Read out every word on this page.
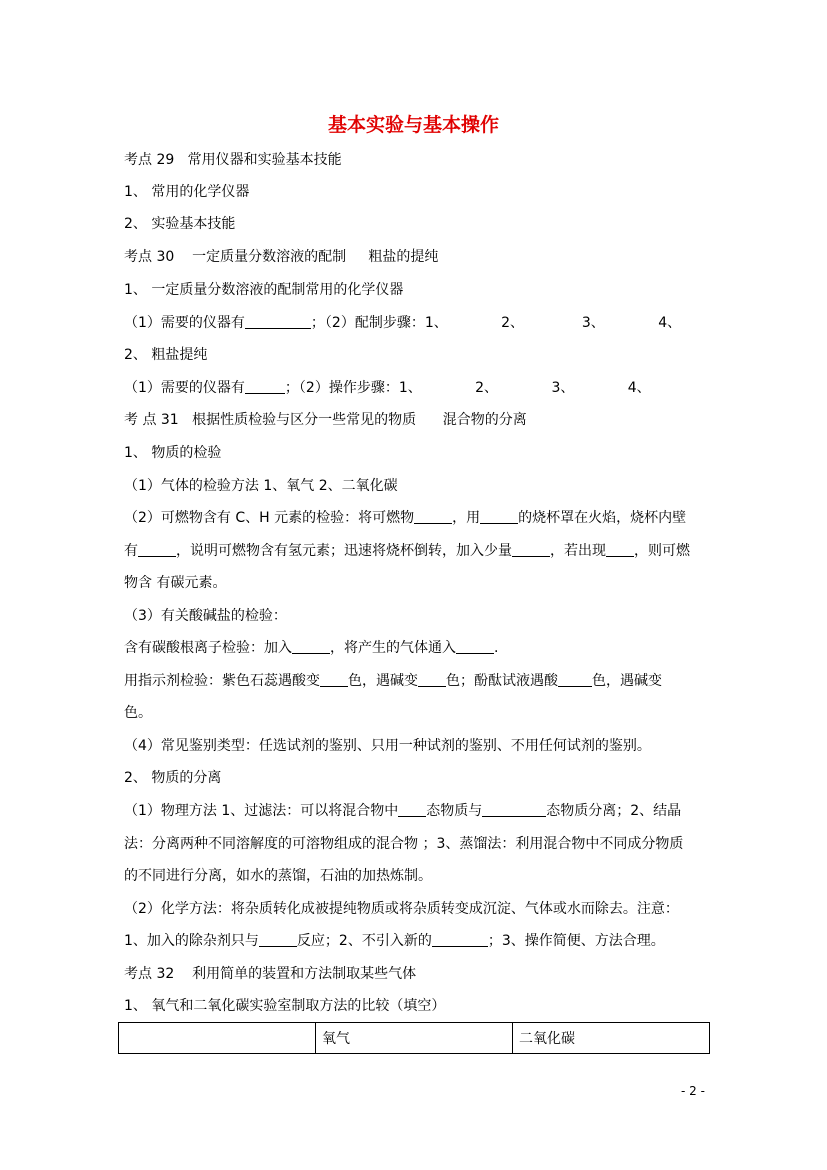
基本实验与基本操作
考点 29   常用仪器和实验基本技能
1、 常用的化学仪器
2、 实验基本技能
考点 30    一定质量分数溶液的配制     粗盐的提纯
1、 一定质量分数溶液的配制常用的化学仪器
（1）需要的仪器有	；（2）配制步骤：1、            2、             3、            4、
2、 粗盐提纯
（1）需要的仪器有	；（2）操作步骤：1、            2、            3、            4、
考 点 31   根据性质检验与区分一些常见的物质      混合物的分离
1、 物质的检验
（1）气体的检验方法 1、氧气 2、二氧化碳
（2）可燃物含有 C、H 元素的检验：将可燃物	，用	的烧杯罩在火焰，烧杯内壁
有	，说明可燃物含有氢元素；迅速将烧杯倒转，加入少量	，若出现 ，则可燃
物含 有碳元素。
（3）有关酸碱盐的检验：
含有碳酸根离子检验：加入	，将产生的气体通入	.
用指示剂检验：紫色石蕊遇酸变 色，遇碱变 色；酚酞试液遇酸 色，遇碱变
色。
（4）常见鉴别类型：任选试剂的鉴别、只用一种试剂的鉴别、不用任何试剂的鉴别。
2、 物质的分离
（1）物理方法 1、过滤法：可以将混合物中 态物质与	态物质分离；2、结晶
法：分离两种不同溶解度的可溶物组成的混合物 ；3、蒸馏法：利用混合物中不同成分物质
的不同进行分离，如水的蒸馏，石油的加热炼制。
（2）化学方法：将杂质转化成被提纯物质或将杂质转变成沉淀、气体或水而除去。注意：
1、加入的除杂剂只与	反应；2、不引入新的	；3、操作简便、方法合理。
考点 32    利用简单的装置和方法制取某些气体
1、 氧气和二氧化碳实验室制取方法的比较（填空）
	氧气	二氧化碳
- 2 -
